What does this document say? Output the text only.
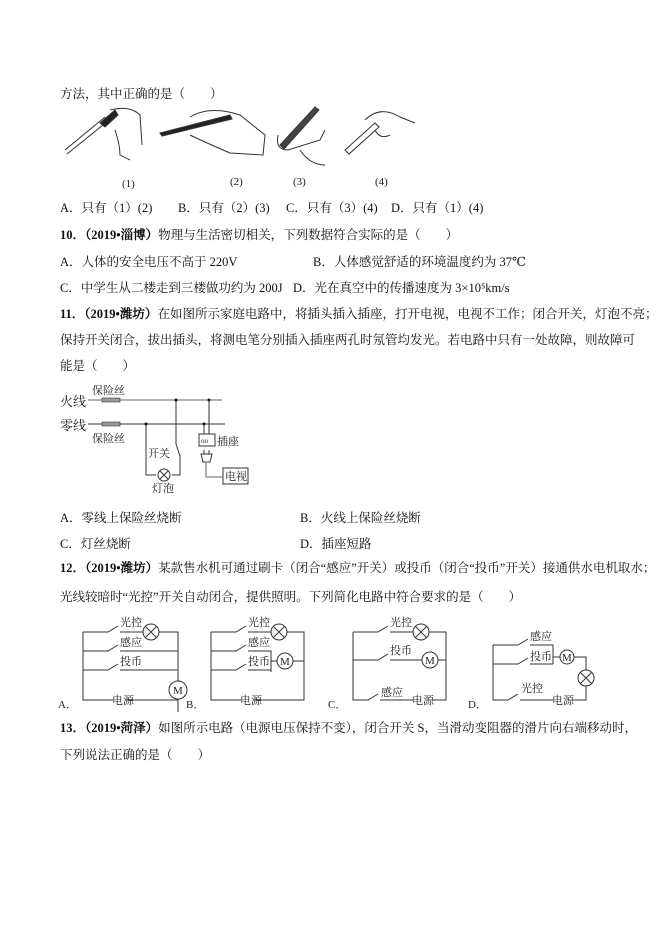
方法，其中正确的是（　　）
(1)	(2)	(3)	(4)
A．只有（1）(2) B．只有（2）(3) C．只有（3）(4) D．只有（1）(4)
10．（2019•淄博）物理与生活密切相关，下列数据符合实际的是（　　）
A．人体的安全电压不高于 220V	B．人体感觉舒适的环境温度约为 37℃
C．中学生从二楼走到三楼做功约为 200J D．光在真空中的传播速度为 3×10⁵km/s
11．（2019•潍坊）在如图所示家庭电路中，将插头插入插座，打开电视，电视不工作；闭合开关，灯泡不亮；
保持开关闭合，拔出插头，将测电笔分别插入插座两孔时氖管均发光。若电路中只有一处故障，则故障可
能是（　　）
火线
保险丝
零线
保险丝
开关
灯泡
oo 插座
电视
A．零线上保险丝烧断	B．火线上保险丝烧断
C．灯丝烧断	D．插座短路
12．（2019•潍坊）某款售水机可通过刷卡（闭合“感应”开关）或投币（闭合“投币”开关）接通供水电机取水；
光线较暗时“光控”开关自动闭合，提供照明。下列简化电路中符合要求的是（　　）
A．
M
光控
感应
投币
电源	B．
M
光控
感应
投币
电源	C．
M
光控
投币
感应
电源	D．
M
感应
投币
光控
电源
13．（2019•菏泽）如图所示电路（电源电压保持不变），闭合开关 S，当滑动变阻器的滑片向右端移动时，
下列说法正确的是（　　）
